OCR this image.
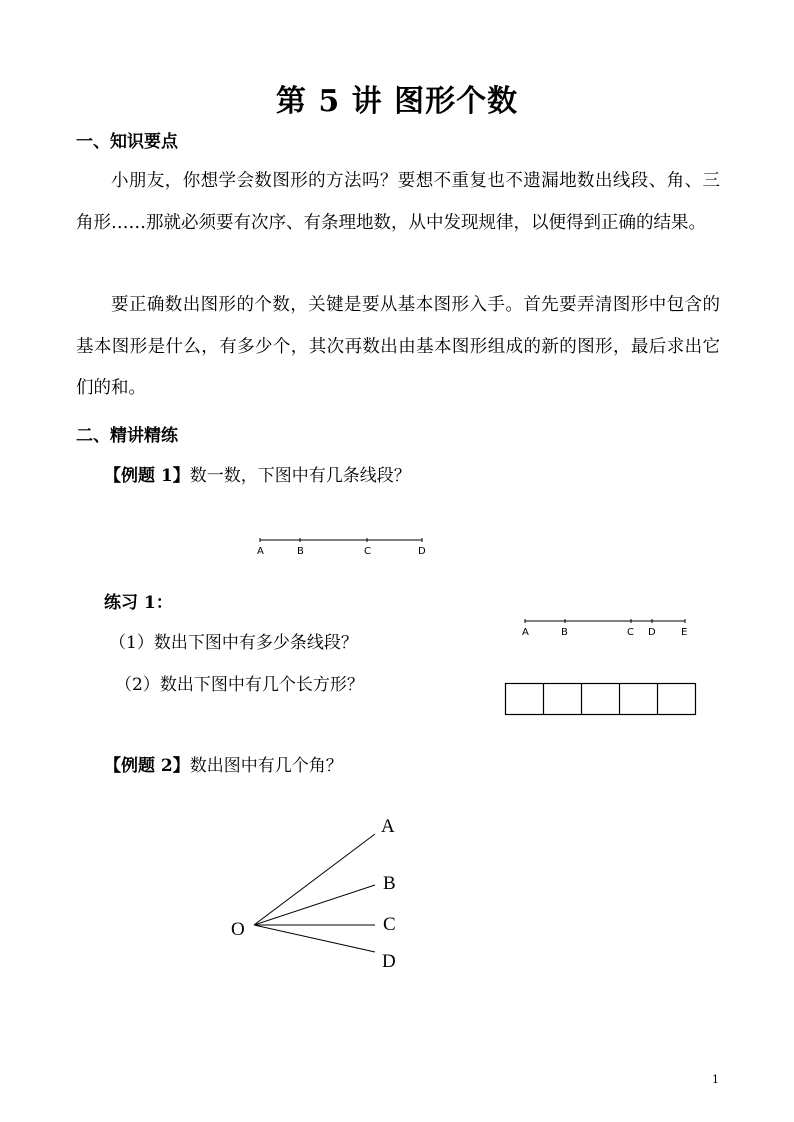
第 5 讲 图形个数
一、知识要点

小朋友，你想学会数图形的方法吗？要想不重复也不遗漏地数出线段、角、三角形……那就必须要有次序、有条理地数，从中发现规律，以便得到正确的结果。

要正确数出图形的个数，关键是要从基本图形入手。首先要弄清图形中包含的基本图形是什么，有多少个，其次再数出由基本图形组成的新的图形，最后求出它们的和。

二、精讲精练
【例题 1】数一数，下图中有几条线段？
A	B	C	D
练习 1：
（1）数出下图中有多少条线段？
（2）数出下图中有几个长方形？
A	B	C D	E
【例题 2】数出图中有几个角？
O
A
B
C
D
1
